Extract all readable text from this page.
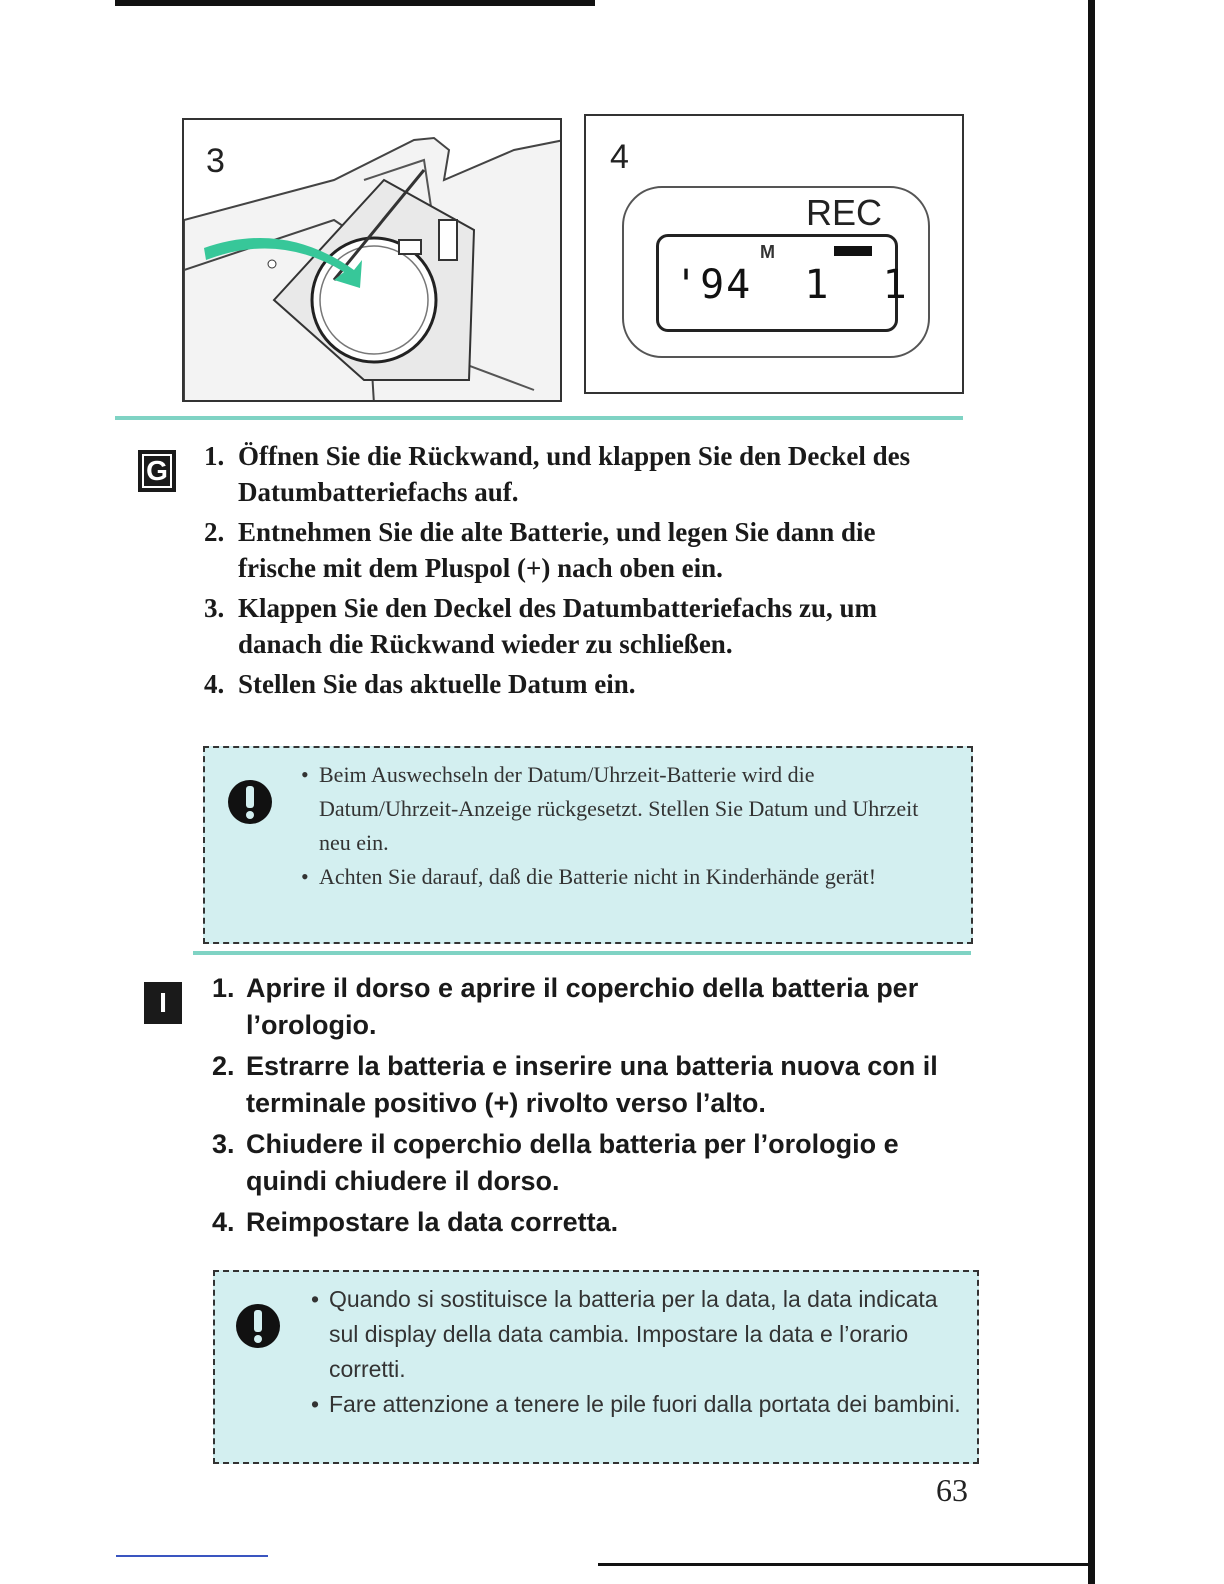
3	4
REC
M
'94  1  1
G	1. Öffnen Sie die Rückwand, und klappen Sie den Deckel des Datumbatteriefachs auf.
2. Entnehmen Sie die alte Batterie, und legen Sie dann die frische mit dem Pluspol (+) nach oben ein.
3. Klappen Sie den Deckel des Datumbatteriefachs zu, um danach die Rückwand wieder zu schließen.
4. Stellen Sie das aktuelle Datum ein.
• Beim Auswechseln der Datum/Uhrzeit-Batterie wird die Datum/Uhrzeit-Anzeige rückgesetzt. Stellen Sie Datum und Uhrzeit neu ein.
• Achten Sie darauf, daß die Batterie nicht in Kinderhände gerät!
I	1. Aprire il dorso e aprire il coperchio della batteria per l’orologio.
2. Estrarre la batteria e inserire una batteria nuova con il terminale positivo (+) rivolto verso l’alto.
3. Chiudere il coperchio della batteria per l’orologio e quindi chiudere il dorso.
4. Reimpostare la data corretta.
• Quando si sostituisce la batteria per la data, la data indicata sul display della data cambia. Impostare la data e l’orario corretti.
• Fare attenzione a tenere le pile fuori dalla portata dei bambini.
63
